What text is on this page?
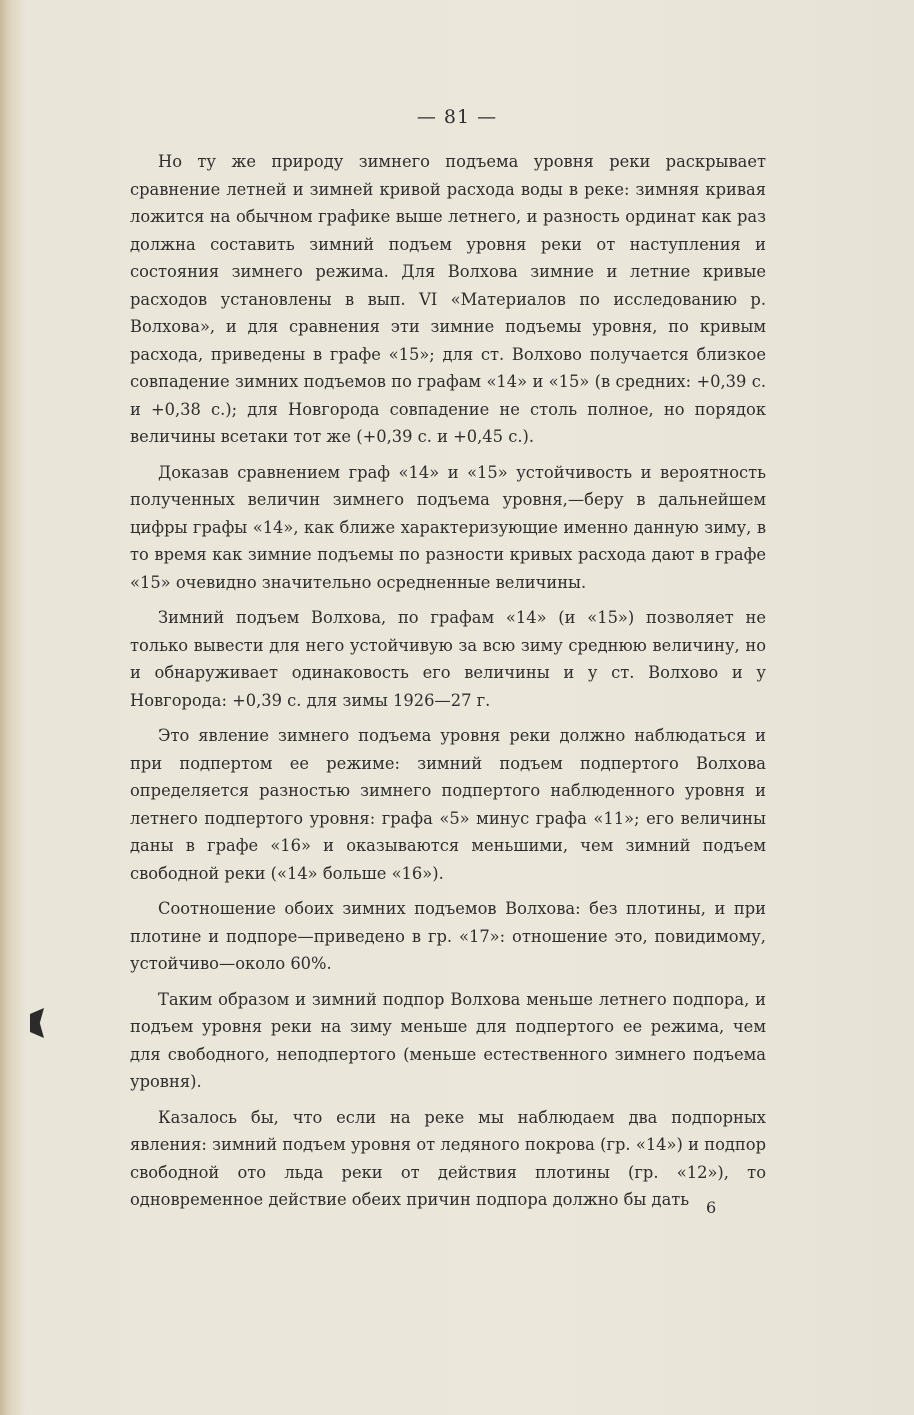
— 81 —

Но ту же природу зимнего подъема уровня реки раскрывает сравнение летней и зимней кривой расхода воды в реке: зимняя кривая ложится на обычном графике выше летнего, и разность ординат как раз должна составить зимний подъем уровня реки от наступления и состояния зимнего режима. Для Волхова зимние и летние кривые расходов установлены в вып. VI «Материалов по исследованию р. Волхова», и для сравнения эти зимние подъемы уровня, по кривым расхода, приведены в графе «15»; для ст. Волхово получается близкое совпадение зимних подъемов по графам «14» и «15» (в средних: +0,39 с. и +0,38 с.); для Новгорода совпадение не столь полное, но порядок величины всетаки тот же (+0,39 с. и +0,45 с.).

Доказав сравнением граф «14» и «15» устойчивость и вероятность полученных величин зимнего подъема уровня,—беру в дальнейшем цифры графы «14», как ближе характеризующие именно данную зиму, в то время как зимние подъемы по разности кривых расхода дают в графе «15» очевидно значительно осредненные величины.

Зимний подъем Волхова, по графам «14» (и «15») позволяет не только вывести для него устойчивую за всю зиму среднюю величину, но и обнаруживает одинаковость его величины и у ст. Волхово и у Новгорода: +0,39 с. для зимы 1926—27 г.

Это явление зимнего подъема уровня реки должно наблюдаться и при подпертом ее режиме: зимний подъем подпертого Волхова определяется разностью зимнего подпертого наблюденного уровня и летнего подпертого уровня: графа «5» минус графа «11»; его величины даны в графе «16» и оказываются меньшими, чем зимний подъем свободной реки («14» больше «16»).

Соотношение обоих зимних подъемов Волхова: без плотины, и при плотине и подпоре—приведено в гр. «17»: отношение это, повидимому, устойчиво—около 60%.

Таким образом и зимний подпор Волхова меньше летнего подпора, и подъем уровня реки на зиму меньше для подпертого ее режима, чем для свободного, неподпертого (меньше естественного зимнего подъема уровня).

Казалось бы, что если на реке мы наблюдаем два подпорных явления: зимний подъем уровня от ледяного покрова (гр. «14») и подпор свободной ото льда реки от действия плотины (гр. «12»), то одновременное действие обеих причин подпора должно бы дать	6
